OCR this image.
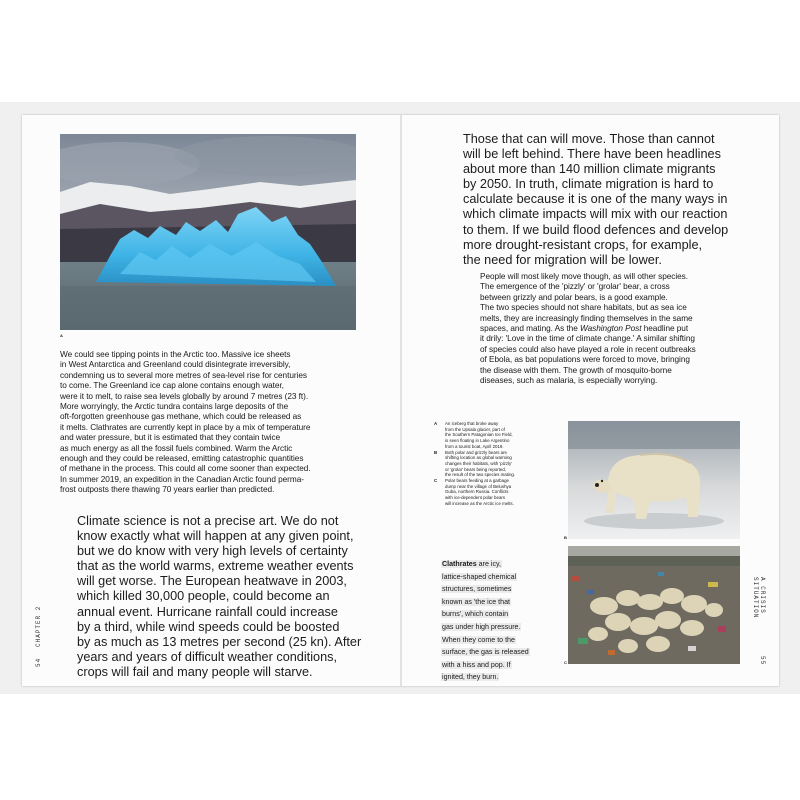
A

We could see tipping points in the Arctic too. Massive ice sheets

in West Antarctica and Greenland could disintegrate irreversibly,

condemning us to several more metres of sea-level rise for centuries

to come. The Greenland ice cap alone contains enough water,

were it to melt, to raise sea levels globally by around 7 metres (23 ft).

More worryingly, the Arctic tundra contains large deposits of the

oft-forgotten greenhouse gas methane, which could be released as

it melts. Clathrates are currently kept in place by a mix of temperature

and water pressure, but it is estimated that they contain twice

as much energy as all the fossil fuels combined. Warm the Arctic

enough and they could be released, emitting catastrophic quantities

of methane in the process. This could all come sooner than expected.

In summer 2019, an expedition in the Canadian Arctic found perma-

frost outposts there thawing 70 years earlier than predicted.

Climate science is not a precise art. We do not

know exactly what will happen at any given point,

but we do know with very high levels of certainty

that as the world warms, extreme weather events

will get worse. The European heatwave in 2003,

which killed 30,000 people, could become an

annual event. Hurricane rainfall could increase

by a third, while wind speeds could be boosted

by as much as 13 metres per second (25 kn). After

years and years of difficult weather conditions,

crops will fail and many people will starve.

54
CHAPTER 2

Those that can will move. Those than cannot

will be left behind. There have been headlines

about more than 140 million climate migrants

by 2050. In truth, climate migration is hard to

calculate because it is one of the many ways in

which climate impacts will mix with our reaction

to them. If we build flood defences and develop

more drought-resistant crops, for example,

the need for migration will be lower.

People will most likely move though, as will other species.

The emergence of the 'pizzly' or 'grolar' bear, a cross

between grizzly and polar bears, is a good example.

The two species should not share habitats, but as sea ice

melts, they are increasingly finding themselves in the same

spaces, and mating. As the Washington Post headline put

it drily: 'Love in the time of climate change.' A similar shifting

of species could also have played a role in recent outbreaks

of Ebola, as bat populations were forced to move, bringing

the disease with them. The growth of mosquito-borne

diseases, such as malaria, is especially worrying.

A An iceberg that broke away

from the Upsala glacier, part of

the Southern Patagonian Ice Field,

is seen floating in Lake Argentino

from a tourist boat, April 2019.

B Both polar and grizzly bears are

shifting location as global warming

changes their habitats, with 'pizzly'

or 'grolar' bears being reported,

the result of the two species mating.

C Polar bears feeding at a garbage

dump near the village of Belushya

Guba, northern Russia. Conflicts

with ice-dependent polar bears

will increase as the Arctic ice melts.

B
C

Clathrates are icy,

lattice-shaped chemical

structures, sometimes

known as 'the ice that

burns', which contain

gas under high pressure.

When they come to the

surface, the gas is released

with a hiss and pop. If

ignited, they burn.

A CRISIS SITUATION
55
